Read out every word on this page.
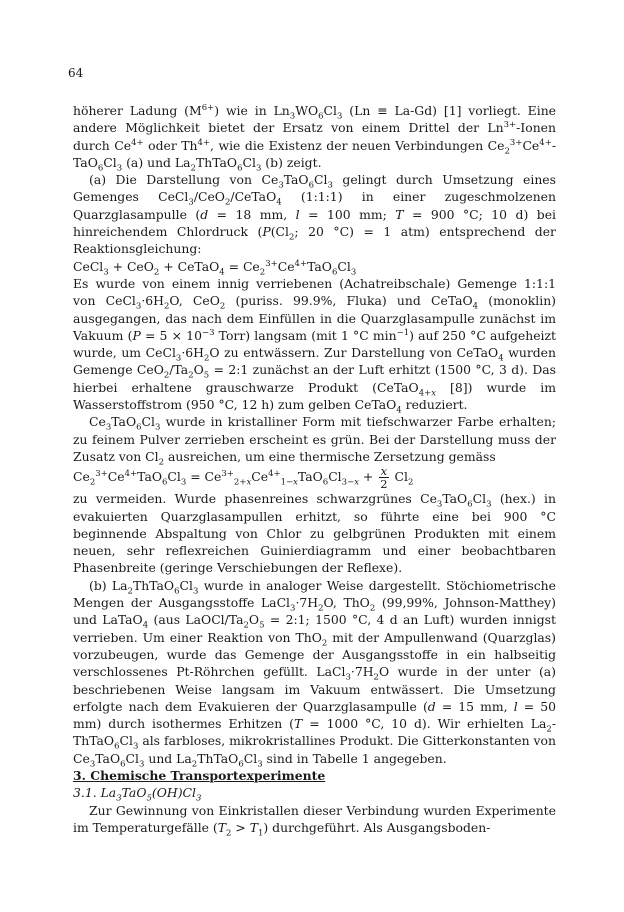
64

höherer Ladung $(M^{6+})$ wie in $Ln_3WO_6Cl_3$ (Ln ≡ La-Gd) [1] vorliegt. Eine andere Möglichkeit bietet der Ersatz von einem Drittel der $Ln^{3+}$-Ionen durch $Ce^{4+}$ oder $Th^{4+}$, wie die Existenz der neuen Verbindungen $Ce_2^{3+}Ce^{4+}-TaO_6Cl_3$ (a) und $La_2ThTaO_6Cl_3$ (b) zeigt.

(a) Die Darstellung von $Ce_3TaO_6Cl_3$ gelingt durch Umsetzung eines Gemenges CeCl$_3$/CeO$_2$/CeTaO$_4$ (1:1:1) in einer zugeschmolzenen Quarzglasampulle (d = 18 mm, l = 100 mm; T = 900 °C; 10 d) bei hinreichendem Chlordruck ($P(Cl_2$; 20 °C) = 1 atm) entsprechend der Reaktionsgleichung:

CeCl$_3$ + CeO$_2$ + CeTaO$_4$ = $Ce_2^{3+}Ce^{4+}TaO_6Cl_3$

Es wurde von einem innig verriebenen (Achatreibschale) Gemenge 1:1:1 von $CeCl_3\cdot 6H_2O$, CeO$_2$ (puriss. 99.9%, Fluka) und CeTaO$_4$ (monoklin) ausgegangen, das nach dem Einfüllen in die Quarzglasampulle zunächst im Vakuum ($P = 5 \times 10^{-3}$ Torr) langsam (mit 1 °C $\min^{-1}$) auf 250 °C aufgeheizt wurde, um $CeCl_3\cdot 6H_2O$ zu entwässern. Zur Darstellung von CeTaO$_4$ wurden Gemenge $CeO_2/Ta_2O_5$ = 2:1 zunächst an der Luft erhitzt (1500 °C, 3 d). Das hierbei erhaltene grauschwarze Produkt (CeTaO$_{4+x}$ [8]) wurde im Wasserstoffstrom (950 °C, 12 h) zum gelben CeTaO$_4$ reduziert.

$Ce_3TaO_6Cl_3$ wurde in kristalliner Form mit tiefschwarzer Farbe erhalten; zu feinem Pulver zerrieben erscheint es grün. Bei der Darstellung muss der Zusatz von $Cl_2$ ausreichen, um eine thermische Zersetzung gemäss

$Ce_2^{3+}Ce^{4+}TaO_6Cl_3 = Ce^{3+}_{2+x}Ce^{4+}_{1-x}TaO_6Cl_{3-x} + \frac{x}{2} Cl_2$

zu vermeiden. Wurde phasenreines schwarzgrünes $Ce_3TaO_6Cl_3$ (hex.) in evakuierten Quarzglasampullen erhitzt, so führte eine bei 900 °C beginnende Abspaltung von Chlor zu gelbgrünen Produkten mit einem neuen, sehr reflexreichen Guinierdiagramm und einer beobachtbaren Phasenbreite (geringe Verschiebungen der Reflexe).

(b) $La_2ThTaO_6Cl_3$ wurde in analoger Weise dargestellt. Stöchiometrische Mengen der Ausgangsstoffe $LaCl_3\cdot 7H_2O$, ThO$_2$ (99,99%, Johnson-Matthey) und LaTaO$_4$ (aus LaOCl/$Ta_2O_5$ = 2:1; 1500 °C, 4 d an Luft) wurden innigst verrieben. Um einer Reaktion von ThO$_2$ mit der Ampullenwand (Quarzglas) vorzubeugen, wurde das Gemenge der Ausgangsstoffe in ein halbseitig verschlossenes Pt-Röhrchen gefüllt. $LaCl_3\cdot 7H_2O$ wurde in der unter (a) beschriebenen Weise langsam im Vakuum entwässert. Die Umsetzung erfolgte nach dem Evakuieren der Quarzglasampulle (d = 15 mm, l = 50 mm) durch isothermes Erhitzen (T = 1000 °C, 10 d). Wir erhielten $La_2-ThTaO_6Cl_3$ als farbloses, mikrokristallines Produkt. Die Gitterkonstanten von $Ce_3TaO_6Cl_3$ und $La_2ThTaO_6Cl_3$ sind in Tabelle 1 angegeben.

3. Chemische Transportexperimente

3.1. $La_3TaO_5(OH)Cl_3$

Zur Gewinnung von Einkristallen dieser Verbindung wurden Experimente im Temperaturgefälle $(T_2 > T_1)$ durchgeführt. Als Ausgangsboden-
